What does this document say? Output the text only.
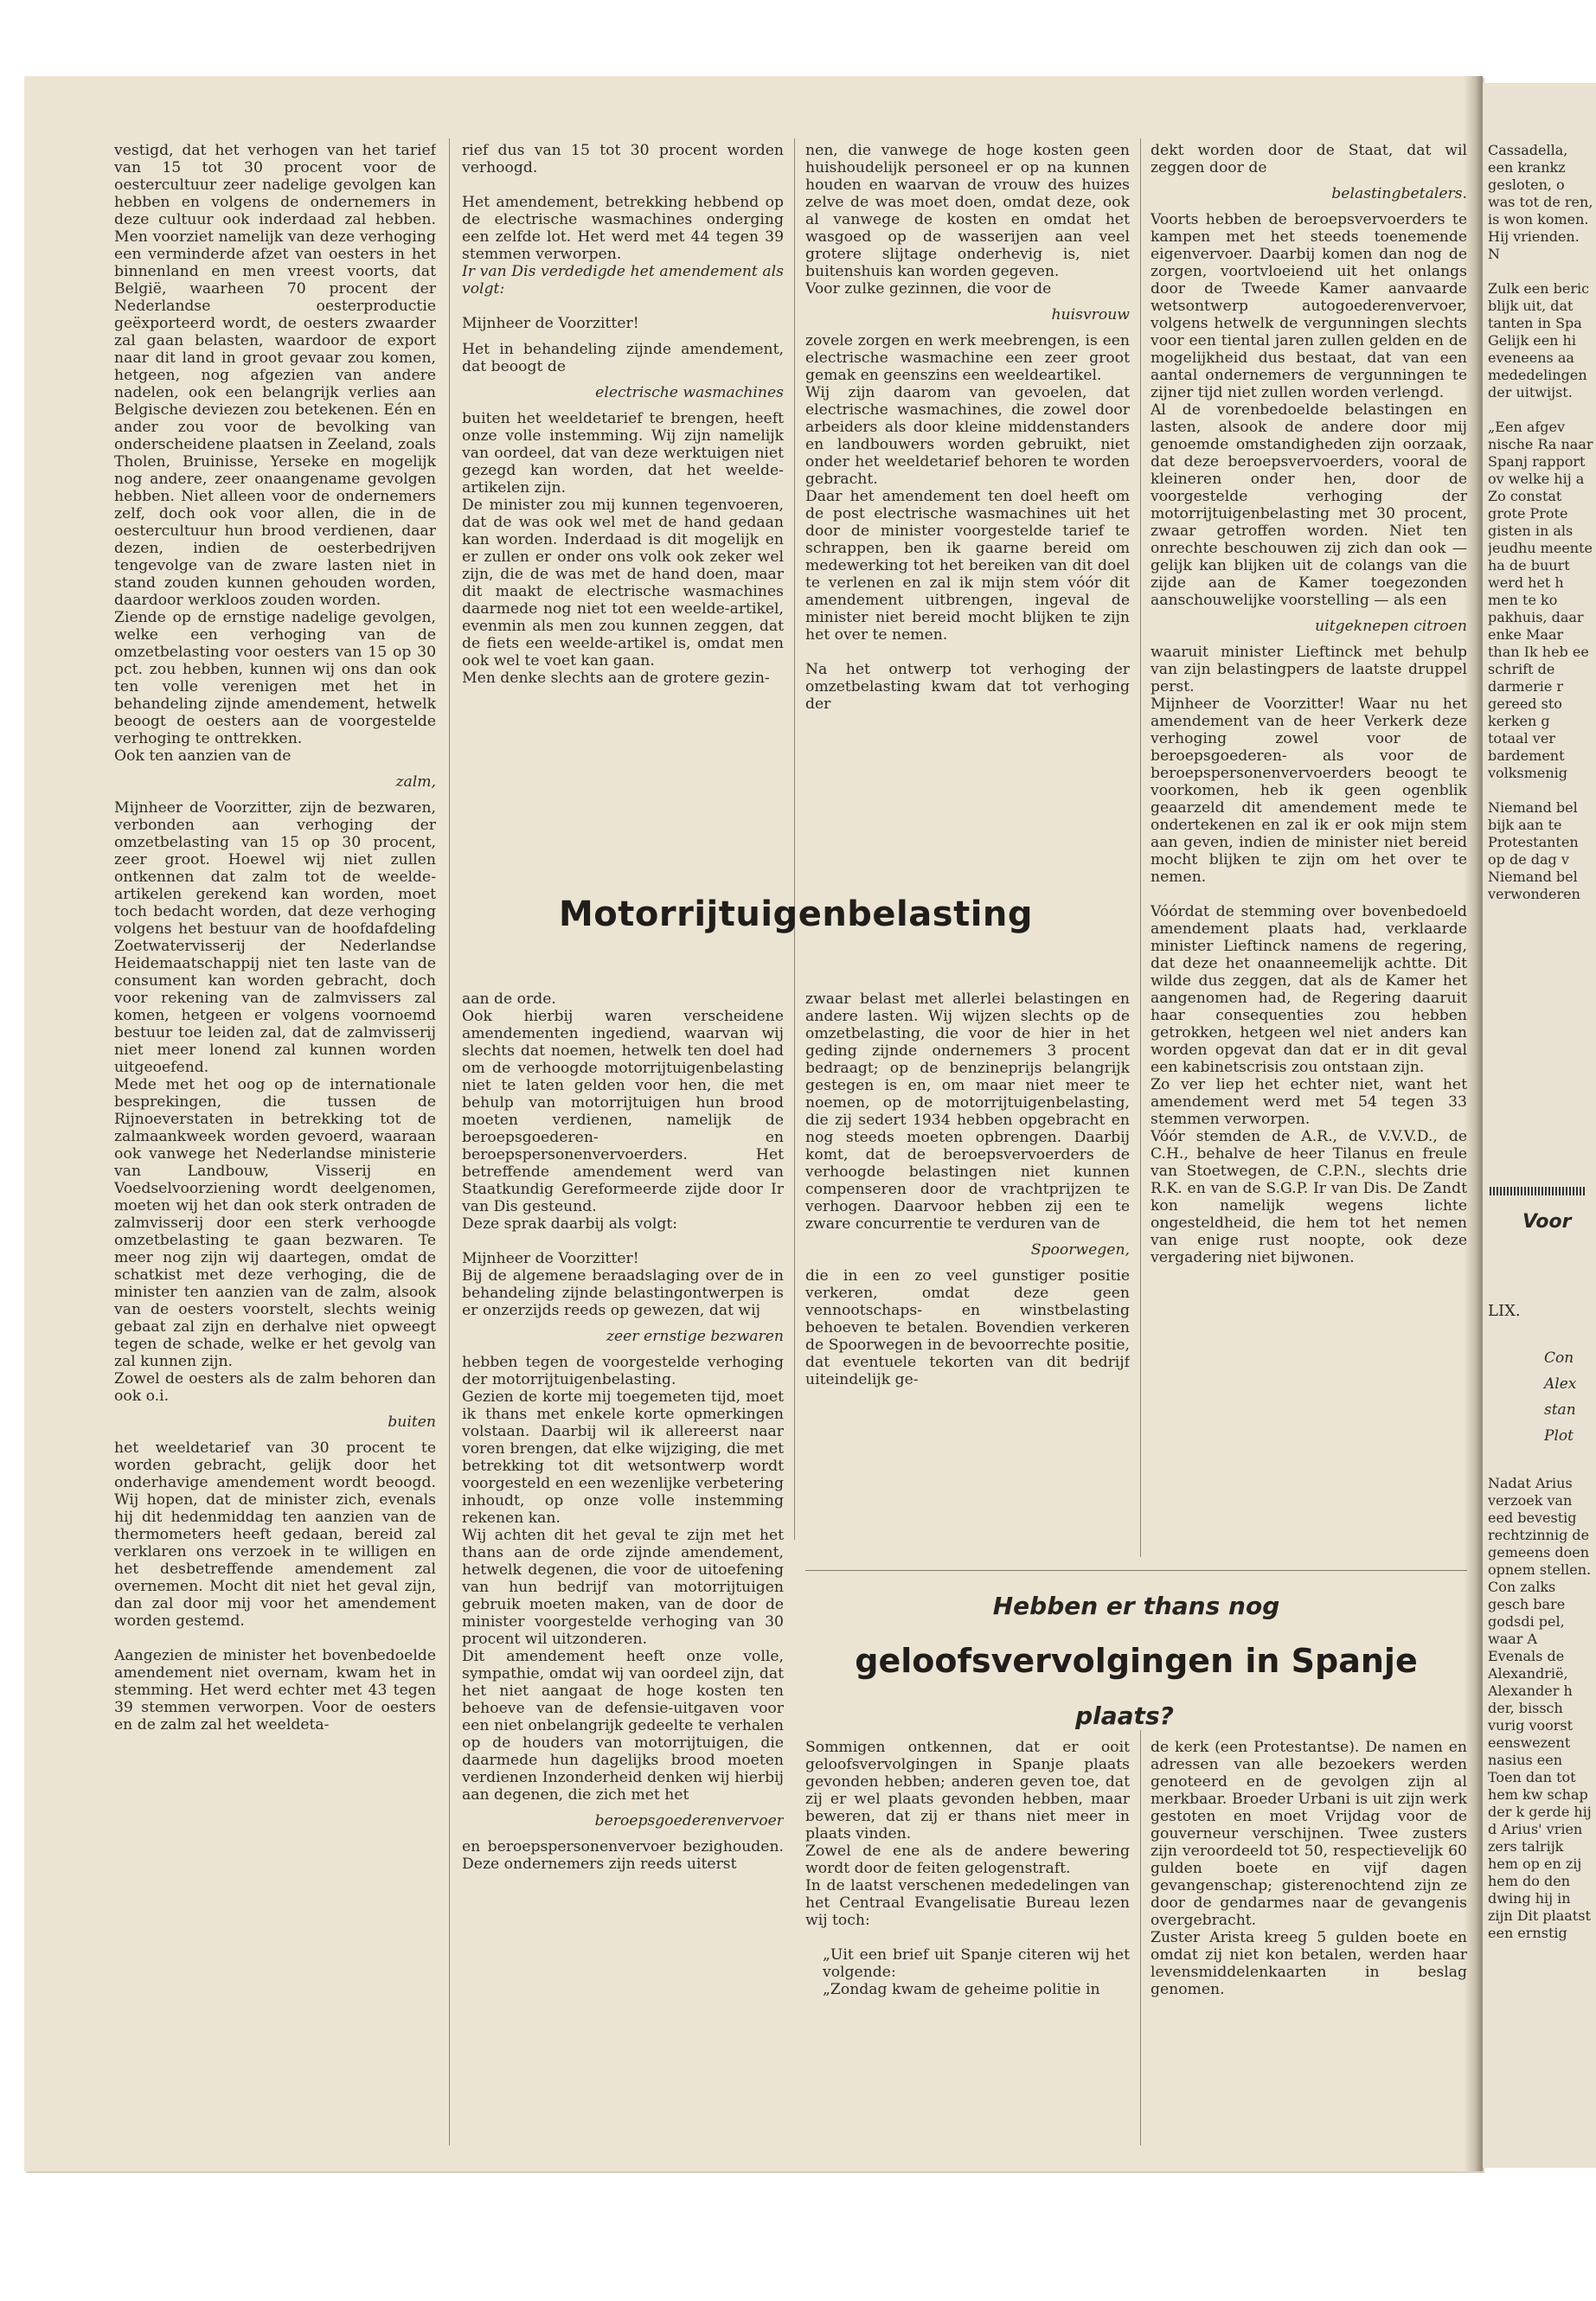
vestigd, dat het verhogen van het tarief van 15 tot 30 procent voor de oestercultuur zeer nadelige gevolgen kan hebben en volgens de ondernemers in deze cultuur ook inderdaad zal hebben. Men voorziet namelijk van deze verhoging een verminderde afzet van oesters in het binnenland en men vreest voorts, dat België, waarheen 70 procent der Nederlandse oesterproductie geëxporteerd wordt, de oesters zwaarder zal gaan belasten, waardoor de export naar dit land in groot gevaar zou komen, hetgeen, nog afgezien van andere nadelen, ook een belangrijk verlies aan Belgische deviezen zou betekenen. Eén en ander zou voor de bevolking van onderscheidene plaatsen in Zeeland, zoals Tholen, Bruinisse, Yerseke en mogelijk nog andere, zeer onaangename gevolgen hebben. Niet alleen voor de ondernemers zelf, doch ook voor allen, die in de oestercultuur hun brood verdienen, daar dezen, indien de oesterbedrijven tengevolge van de zware lasten niet in stand zouden kunnen gehouden worden, daardoor werkloos zouden worden.

Ziende op de ernstige nadelige gevolgen, welke een verhoging van de omzetbelasting voor oesters van 15 op 30 pct. zou hebben, kunnen wij ons dan ook ten volle verenigen met het in behandeling zijnde amendement, hetwelk beoogt de oesters aan de voorgestelde verhoging te onttrekken.

Ook ten aanzien van de

zalm,

Mijnheer de Voorzitter, zijn de bezwaren, verbonden aan verhoging der omzetbelasting van 15 op 30 procent, zeer groot. Hoewel wij niet zullen ontkennen dat zalm tot de weelde-artikelen gerekend kan worden, moet toch bedacht worden, dat deze verhoging volgens het bestuur van de hoofdafdeling Zoetwatervisserij der Nederlandse Heidemaatschappij niet ten laste van de consument kan worden gebracht, doch voor rekening van de zalmvissers zal komen, hetgeen er volgens voornoemd bestuur toe leiden zal, dat de zalmvisserij niet meer lonend zal kunnen worden uitgeoefend.

Mede met het oog op de internationale besprekingen, die tussen de Rijnoeverstaten in betrekking tot de zalmaankweek worden gevoerd, waaraan ook vanwege het Nederlandse ministerie van Landbouw, Visserij en Voedselvoorziening wordt deelgenomen, moeten wij het dan ook sterk ontraden de zalmvisserij door een sterk verhoogde omzetbelasting te gaan bezwaren. Te meer nog zijn wij daartegen, omdat de schatkist met deze verhoging, die de minister ten aanzien van de zalm, alsook van de oesters voorstelt, slechts weinig gebaat zal zijn en derhalve niet opweegt tegen de schade, welke er het gevolg van zal kunnen zijn.

Zowel de oesters als de zalm behoren dan ook o.i.

buiten

het weeldetarief van 30 procent te worden gebracht, gelijk door het onderhavige amendement wordt beoogd. Wij hopen, dat de minister zich, evenals hij dit hedenmiddag ten aanzien van de thermometers heeft gedaan, bereid zal verklaren ons verzoek in te willigen en het desbetreffende amendement zal overnemen. Mocht dit niet het geval zijn, dan zal door mij voor het amendement worden gestemd.

Aangezien de minister het bovenbedoelde amendement niet overnam, kwam het in stemming. Het werd echter met 43 tegen 39 stemmen verworpen. Voor de oesters en de zalm zal het weeldeta-

rief dus van 15 tot 30 procent worden verhoogd.

Het amendement, betrekking hebbend op de electrische wasmachines onderging een zelfde lot. Het werd met 44 tegen 39 stemmen verworpen.

Ir van Dis verdedigde het amendement als volgt:

Mijnheer de Voorzitter!

Het in behandeling zijnde amendement, dat beoogt de

electrische wasmachines

buiten het weeldetarief te brengen, heeft onze volle instemming. Wij zijn namelijk van oordeel, dat van deze werktuigen niet gezegd kan worden, dat het weelde-artikelen zijn.

De minister zou mij kunnen tegenvoeren, dat de was ook wel met de hand gedaan kan worden. Inderdaad is dit mogelijk en er zullen er onder ons volk ook zeker wel zijn, die de was met de hand doen, maar dit maakt de electrische wasmachines daarmede nog niet tot een weelde-artikel, evenmin als men zou kunnen zeggen, dat de fiets een weelde-artikel is, omdat men ook wel te voet kan gaan.

Men denke slechts aan de grotere gezin-

nen, die vanwege de hoge kosten geen huishoudelijk personeel er op na kunnen houden en waarvan de vrouw des huizes zelve de was moet doen, omdat deze, ook al vanwege de kosten en omdat het wasgoed op de wasserijen aan veel grotere slijtage onderhevig is, niet buitenshuis kan worden gegeven.

Voor zulke gezinnen, die voor de

huisvrouw

zovele zorgen en werk meebrengen, is een electrische wasmachine een zeer groot gemak en geenszins een weeldeartikel.

Wij zijn daarom van gevoelen, dat electrische wasmachines, die zowel door arbeiders als door kleine middenstanders en landbouwers worden gebruikt, niet onder het weeldetarief behoren te worden gebracht.

Daar het amendement ten doel heeft om de post electrische wasmachines uit het door de minister voorgestelde tarief te schrappen, ben ik gaarne bereid om medewerking tot het bereiken van dit doel te verlenen en zal ik mijn stem vóór dit amendement uitbrengen, ingeval de minister niet bereid mocht blijken te zijn het over te nemen.

Na het ontwerp tot verhoging der omzetbelasting kwam dat tot verhoging der

Motorrijtuigenbelasting

aan de orde.

Ook hierbij waren verscheidene amendementen ingediend, waarvan wij slechts dat noemen, hetwelk ten doel had om de verhoogde motorrijtuigenbelasting niet te laten gelden voor hen, die met behulp van motorrijtuigen hun brood moeten verdienen, namelijk de beroepsgoederen- en beroepspersonenvervoerders. Het betreffende amendement werd van Staatkundig Gereformeerde zijde door Ir van Dis gesteund.

Deze sprak daarbij als volgt:

Mijnheer de Voorzitter!

Bij de algemene beraadslaging over de in behandeling zijnde belastingontwerpen is er onzerzijds reeds op gewezen, dat wij

zeer ernstige bezwaren

hebben tegen de voorgestelde verhoging der motorrijtuigenbelasting.

Gezien de korte mij toegemeten tijd, moet ik thans met enkele korte opmerkingen volstaan. Daarbij wil ik allereerst naar voren brengen, dat elke wijziging, die met betrekking tot dit wetsontwerp wordt voorgesteld en een wezenlijke verbetering inhoudt, op onze volle instemming rekenen kan.

Wij achten dit het geval te zijn met het thans aan de orde zijnde amendement, hetwelk degenen, die voor de uitoefening van hun bedrijf van motorrijtuigen gebruik moeten maken, van de door de minister voorgestelde verhoging van 30 procent wil uitzonderen.

Dit amendement heeft onze volle, sympathie, omdat wij van oordeel zijn, dat het niet aangaat de hoge kosten ten behoeve van de defensie-uitgaven voor een niet onbelangrijk gedeelte te verhalen op de houders van motorrijtuigen, die daarmede hun dagelijks brood moeten verdienen Inzonderheid denken wij hierbij aan degenen, die zich met het

beroepsgoederenvervoer

en beroepspersonenvervoer bezighouden. Deze ondernemers zijn reeds uiterst

zwaar belast met allerlei belastingen en andere lasten. Wij wijzen slechts op de omzetbelasting, die voor de hier in het geding zijnde ondernemers 3 procent bedraagt; op de benzineprijs belangrijk gestegen is en, om maar niet meer te noemen, op de motorrijtuigenbelasting, die zij sedert 1934 hebben opgebracht en nog steeds moeten opbrengen. Daarbij komt, dat de beroepsvervoerders de verhoogde belastingen niet kunnen compenseren door de vrachtprijzen te verhogen. Daarvoor hebben zij een te zware concurrentie te verduren van de

Spoorwegen,

die in een zo veel gunstiger positie verkeren, omdat deze geen vennootschaps- en winstbelasting behoeven te betalen. Bovendien verkeren de Spoorwegen in de bevoorrechte positie, dat eventuele tekorten van dit bedrijf uiteindelijk ge-

dekt worden door de Staat, dat wil zeggen door de

belastingbetalers.

Voorts hebben de beroepsvervoerders te kampen met het steeds toenemende eigenvervoer. Daarbij komen dan nog de zorgen, voortvloeiend uit het onlangs door de Tweede Kamer aanvaarde wetsontwerp autogoederenvervoer, volgens hetwelk de vergunningen slechts voor een tiental jaren zullen gelden en de mogelijkheid dus bestaat, dat van een aantal ondernemers de vergunningen te zijner tijd niet zullen worden verlengd.

Al de vorenbedoelde belastingen en lasten, alsook de andere door mij genoemde omstandigheden zijn oorzaak, dat deze beroepsvervoerders, vooral de kleineren onder hen, door de voorgestelde verhoging der motorrijtuigenbelasting met 30 procent, zwaar getroffen worden. Niet ten onrechte beschouwen zij zich dan ook — gelijk kan blijken uit de colangs van die zijde aan de Kamer toegezonden aanschouwelijke voorstelling — als een

uitgeknepen citroen

waaruit minister Lieftinck met behulp van zijn belastingpers de laatste druppel perst.

Mijnheer de Voorzitter! Waar nu het amendement van de heer Verkerk deze verhoging zowel voor de beroepsgoederen- als voor de beroepspersonenvervoerders beoogt te voorkomen, heb ik geen ogenblik geaarzeld dit amendement mede te ondertekenen en zal ik er ook mijn stem aan geven, indien de minister niet bereid mocht blijken te zijn om het over te nemen.

Vóórdat de stemming over bovenbedoeld amendement plaats had, verklaarde minister Lieftinck namens de regering, dat deze het onaanneemelijk achtte. Dit wilde dus zeggen, dat als de Kamer het aangenomen had, de Regering daaruit haar consequenties zou hebben getrokken, hetgeen wel niet anders kan worden opgevat dan dat er in dit geval een kabinetscrisis zou ontstaan zijn.

Zo ver liep het echter niet, want het amendement werd met 54 tegen 33 stemmen verworpen.

Vóór stemden de A.R., de V.V.V.D., de C.H., behalve de heer Tilanus en freule van Stoetwegen, de C.P.N., slechts drie R.K. en van de S.G.P. Ir van Dis. De Zandt kon namelijk wegens lichte ongesteldheid, die hem tot het nemen van enige rust noopte, ook deze vergadering niet bijwonen.

Hebben er thans nog
geloofsvervolgingen in Spanje
plaats?

Sommigen ontkennen, dat er ooit geloofsvervolgingen in Spanje plaats gevonden hebben; anderen geven toe, dat zij er wel plaats gevonden hebben, maar beweren, dat zij er thans niet meer in plaats vinden.

Zowel de ene als de andere bewering wordt door de feiten gelogenstraft.

In de laatst verschenen mededelingen van het Centraal Evangelisatie Bureau lezen wij toch:

„Uit een brief uit Spanje citeren wij het volgende:

„Zondag kwam de geheime politie in

de kerk (een Protestantse). De namen en adressen van alle bezoekers werden genoteerd en de gevolgen zijn al merkbaar. Broeder Urbani is uit zijn werk gestoten en moet Vrijdag voor de gouverneur verschijnen. Twee zusters zijn veroordeeld tot 50, respectievelijk 60 gulden boete en vijf dagen gevangenschap; gisterenochtend zijn ze door de gendarmes naar de gevangenis overgebracht.

Zuster Arista kreeg 5 gulden boete en omdat zij niet kon betalen, werden haar levensmiddelenkaarten in beslag genomen.

Cassadella, een krankz gesloten, o was tot de ren, is won komen. Hij vrienden. N

Zulk een beric blijk uit, dat tanten in Spa Gelijk een hi eveneens aa mededelingen der uitwijst.

„Een afgev nische Ra naar Spanj rapport ov welke hij a Zo constat grote Prote gisten in als jeudhu meente ha de buurt werd het h men te ko pakhuis, daar enke Maar than Ik heb ee schrift de darmerie r gereed sto kerken g totaal ver bardement volksmenig

Niemand bel bijk aan te Protestanten op de dag v Niemand bel verwonderen

Voor
LIX.
Con Alex stan Plot

Nadat Arius verzoek van eed bevestig rechtzinnig de gemeens doen opnem stellen. Con zalks gesch bare godsdi pel, waar A Evenals de Alexandrië, Alexander h der, bissch vurig voorst eenswezent nasius een Toen dan tot hem kw schap der k gerde hij d Arius' vrien zers talrijk hem op en zij hem do den dwing hij in zijn Dit plaatst een ernstig
